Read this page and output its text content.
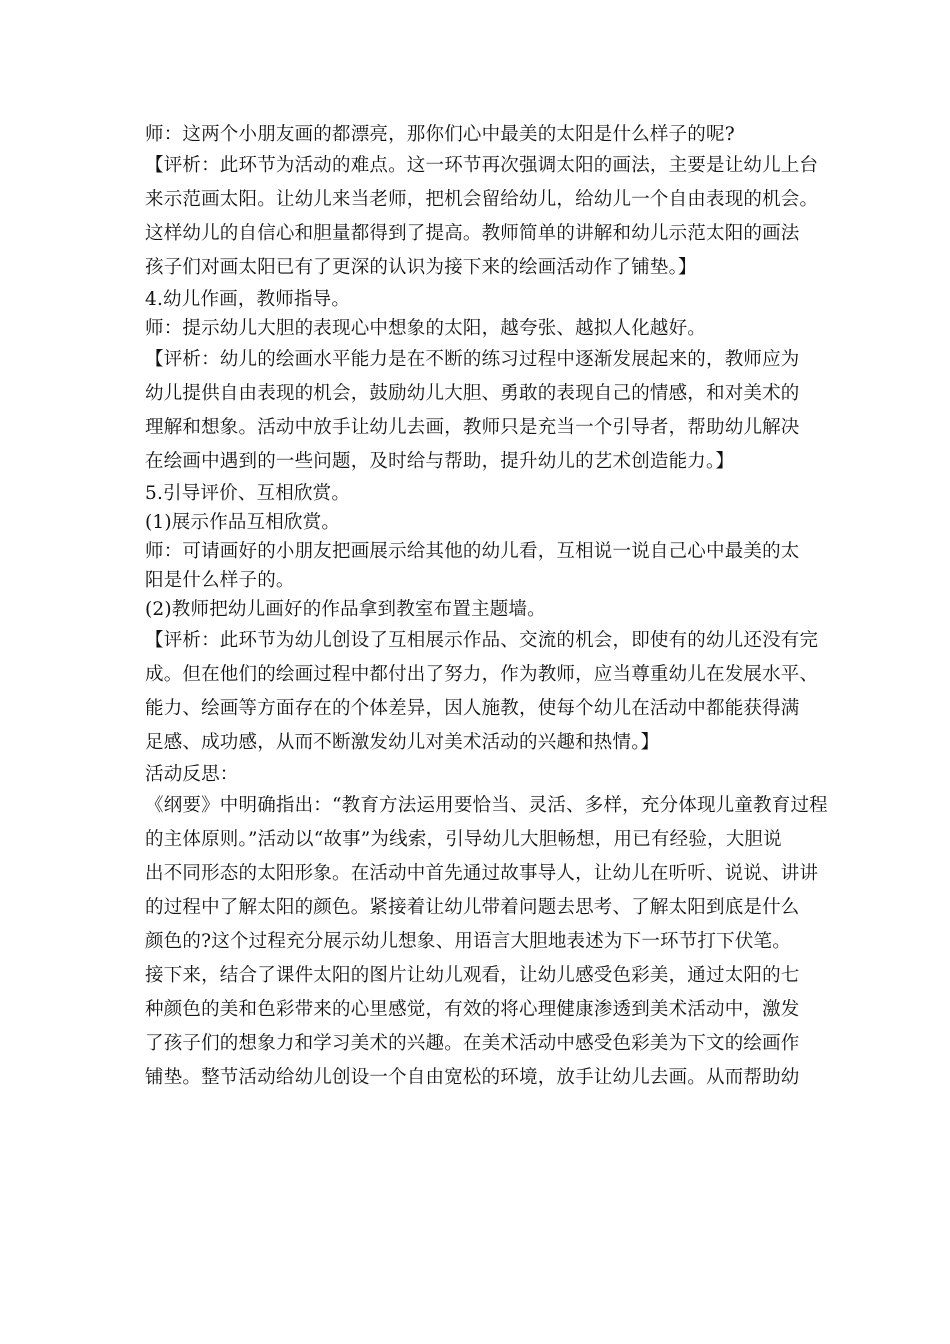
师：这两个小朋友画的都漂亮，那你们心中最美的太阳是什么样子的呢?
【评析：此环节为活动的难点。这一环节再次强调太阳的画法，主要是让幼儿上台
来示范画太阳。让幼儿来当老师，把机会留给幼儿，给幼儿一个自由表现的机会。
这样幼儿的自信心和胆量都得到了提高。教师简单的讲解和幼儿示范太阳的画法
孩子们对画太阳已有了更深的认识为接下来的绘画活动作了铺垫。】
4.幼儿作画，教师指导。
师：提示幼儿大胆的表现心中想象的太阳，越夸张、越拟人化越好。
【评析：幼儿的绘画水平能力是在不断的练习过程中逐渐发展起来的，教师应为
幼儿提供自由表现的机会，鼓励幼儿大胆、勇敢的表现自己的情感，和对美术的
理解和想象。活动中放手让幼儿去画，教师只是充当一个引导者，帮助幼儿解决
在绘画中遇到的一些问题，及时给与帮助，提升幼儿的艺术创造能力。】
5.引导评价、互相欣赏。
(1)展示作品互相欣赏。
师：可请画好的小朋友把画展示给其他的幼儿看，互相说一说自己心中最美的太
阳是什么样子的。
(2)教师把幼儿画好的作品拿到教室布置主题墙。
【评析：此环节为幼儿创设了互相展示作品、交流的机会，即使有的幼儿还没有完
成。但在他们的绘画过程中都付出了努力，作为教师，应当尊重幼儿在发展水平、
能力、绘画等方面存在的个体差异，因人施教，使每个幼儿在活动中都能获得满
足感、成功感，从而不断激发幼儿对美术活动的兴趣和热情。】
活动反思：
《纲要》中明确指出：“教育方法运用要恰当、灵活、多样，充分体现儿童教育过程
的主体原则。”活动以“故事”为线索，引导幼儿大胆畅想，用已有经验，大胆说
出不同形态的太阳形象。在活动中首先通过故事导人，让幼儿在听听、说说、讲讲
的过程中了解太阳的颜色。紧接着让幼儿带着问题去思考、了解太阳到底是什么
颜色的?这个过程充分展示幼儿想象、用语言大胆地表述为下一环节打下伏笔。
接下来，结合了课件太阳的图片让幼儿观看，让幼儿感受色彩美，通过太阳的七
种颜色的美和色彩带来的心里感觉，有效的将心理健康渗透到美术活动中，激发
了孩子们的想象力和学习美术的兴趣。在美术活动中感受色彩美为下文的绘画作
铺垫。整节活动给幼儿创设一个自由宽松的环境，放手让幼儿去画。从而帮助幼
